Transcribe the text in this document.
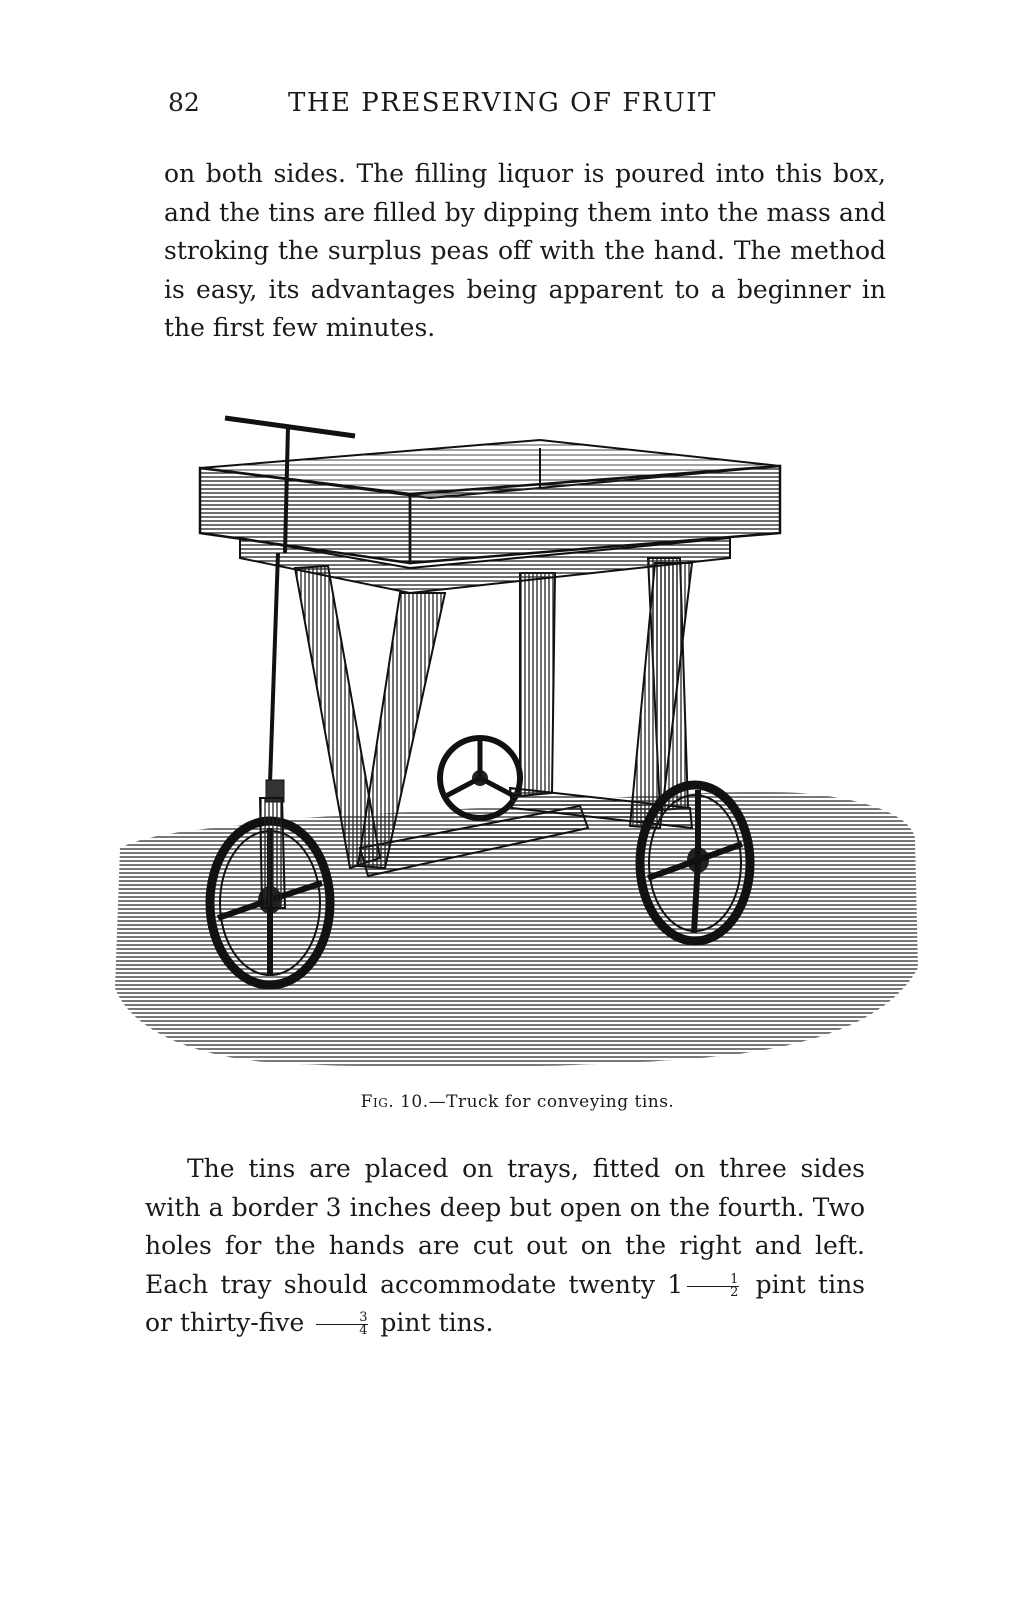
82	THE PRESERVING OF FRUIT

on both sides. The filling liquor is poured into this box, and the tins are filled by dipping them into the mass and stroking the surplus peas off with the hand. The method is easy, its advantages being apparent to a beginner in the first few minutes.

Fig. 10.—Truck for conveying tins.

The tins are placed on trays, fitted on three sides with a border 3 inches deep but open on the fourth. Two holes for the hands are cut out on the right and left. Each tray should accommodate twenty $1 \frac{1}{2}$ pint tins or thirty-five $\frac{3}{4}$ pint tins.
